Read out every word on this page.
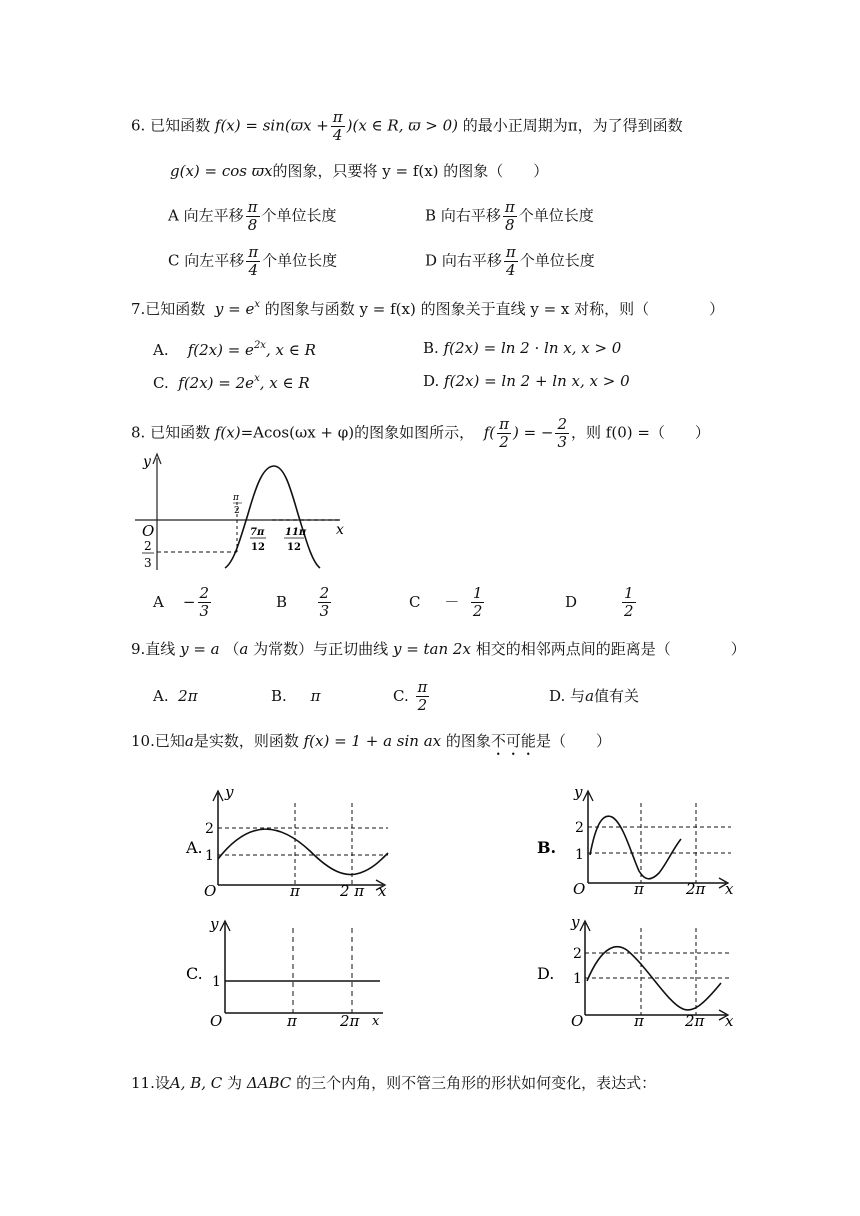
6. 已知函数 $f(x) = \sin(ϖx + \frac{\pi}{4} )(x$ ∈ R, ϖ > 0) 的最小正周期为π，为了得到函数
g(x) = cos ϖx的图象，只要将 y = f(x) 的图象（　　）
A 向左平移 $\frac{\pi}{8}$ 个单位长度	B 向右平移 $\frac{\pi}{8}$ 个单位长度
C 向左平移 $\frac{\pi}{4}$ 个单位长度	D 向右平移 $\frac{\pi}{4}$ 个单位长度
7.已知函数 $y = e^x$ 的图象与函数 y = f(x) 的图象关于直线 y = x 对称，则（　　　　）
A. $f(2x) = e^{2x}$, x ∈ R	B. f(2x) = ln 2 · ln x, x > 0
C. $f(2x) = 2e^x$, x ∈ R	D. f(2x) = ln 2 + ln x, x > 0
8. 已知函数 f(x)=Acos(ωx + φ)的图象如图所示， $f( \frac{\pi}{2}$ ) = − $\frac{2}{3}$ ，则 f(0) =（　　）
y
x
O
π
2
7π
12
11π
12
2
3
$A - \frac{2}{3}$	B $\frac{2}{3}$	$C - \frac{1}{2}$	D	$\frac{1}{2}$
9.直线 y = a （a 为常数）与正切曲线 y = tan 2x 相交的相邻两点间的距离是（　　　　）
A. 2π	B. π	C. $\frac{\pi}{2}$	D. 与a值有关
10.已知a是实数，则函数 f(x) = 1 + a sin ax 的图象不可能是（　　）
A.
y
x
O
2
1
π	2 π
B.
y
x
O
2
1
π	2π
C.
y
x
O
1
π	2π
D.
y
x
O
2
1
π	2π
11.设A, B, C 为 ΔABC 的三个内角，则不管三角形的形状如何变化，表达式：
